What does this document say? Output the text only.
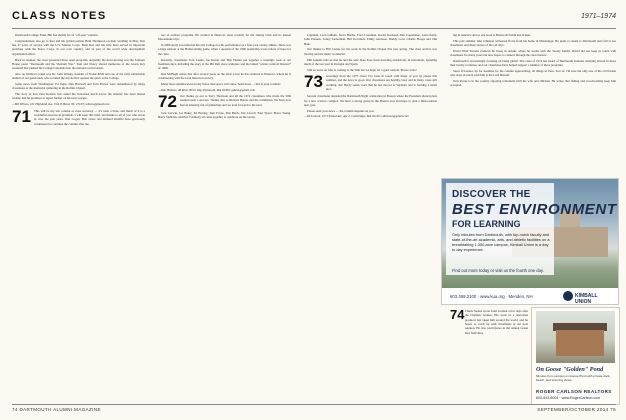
CLASS NOTES	1971–1974

Dartmouth College Fund. Bill has shaftly for an "off-year" reunion.

Congratulations also go to Ron and his golden partner Beth Thompson on their wedding in May. Ron has 37 years of service with the U.S. Marine Corps. Both Ron and his wife have served in important positions with the Peace Corps, in our own country, and as part of the world wide development organization effort.

Back in reunion, the class presented three open programs. Arguably the most moving was the Sanborn House panel "Dartmouth and the Vietnam War." Tom and Nancy shared memories of the Green Key weekend that pushed the College's students into the national conversation.

Also on Wallace's panel was Dr. John Olitsky, founder of TransCEND and one of the truly remarkable alumni of our generation, who recalled the day he first opened the gates at the College.

Some news from Washington: Ed Ingle, Dan Hartwell and Tom Brown were remembered by many classmates at the memorial gathering in the Rollins Chapel.

The story of how Don Keenan first sailed his twin-mast ketch across the Atlantic has been shared widely, and he promises to report further on his next voyage.

—Bill Wilson, 101 Highland Ave, Unit 8, Bend, NC 27103; wilson@gmail.com

71 This will be my last column as class secretary — it's been a blast, and much of it is a wonderful exercise in gratitude. I will keep this brief, but thanks to all of you who wrote in over the past years. Dan Cogan, Bob Lister and Richard Kimble have graciously volunteered to continue the column after me.

ters of outdoor programs. He worked in Hanover, most recently for the Outing Club and its annual Moosilauke trips.

In 2006 Andy was inducted into the College for his performance as a four-year varsity athlete. There was a huge turnout at the Homecoming game, when a quorum of the 1960 leadership wrote letters of hope for the class.

Recently, classmates Tom Leeds, Joe Kuralt and Bob Harlan put together a nostalgic look at our freshman days, including the story of the Phi Delt snow sculpture and the famed "winter carnival blizzard" of 1968.

Dan McHugh writes that after several years on the West Coast he has returned to Hanover, where he is volunteering with the local historical society.

Many more reminiscences in my inbox than space will allow. Send more — this is your column!

—Dan Holmes, 48 River Birch Way, Plymouth, MA 02360; gdanh@gmail.com

72 Our thanks go out to Terry Thomson and all the 1972 classmates who made the 50th reunion such a success. Thanks also to Richard Buono and the committee. We have now had an amazing run of gatherings and we look forward to the next.

Jack Corwin, Joe Baker, Ed Hartley, Tom Evans, Tim Black, Jim Carroll, Paul Tyson, Bruce Young, Harry Stebbins, and Bob Carmody all came together to celebrate on the Green.

Lippman, Leon Gilliam, Steve Hardie, Fred Crossman, Rocky Kuckard, Dan Copemaker, Gene Kelly, John Pleasen, Lenny Lieberman, Bill Kovaleck, Emily Axelrose, Buddy Lord, Charlie Hoops and Tim Hale.

Our thanks to Bill Carnes for his work in the Rollins Chapel this past spring. The class service was moving and the music wonderful.

Phil Jenkins tells us that he and his wife Kate have been traveling extensively in retirement, spending much of the last year in Portugal and Spain.

Still no news on who is coming to the 50th but we hope for a great turnout. Please write!

73 Greetings from the 1973 class! I've been in touch with many of you by phone this summer, and the news is good. Our classmates are healthy, busy and in many cases still working. Jim Hardy sends word that he has moved to Vermont and is farming a small plot.

Several classmates attended the Dartmouth Night celebration in Boston where the President shared plans for a new science complex. We have a strong group in the Boston area and hope to plan a mini-reunion next year.

Please send your news — the column depends on you.

—Ed Lemont, 107 Upland Ave, Apt 2, Cambridge, MA 02140; edlemont@gmail.com

ing in America and as one book at Barnes & Noble and iTunes.

This past summer Jake Johnston witnessed flows from his home in Mississippi. He plans to return to Dartmouth next fall to see classmates and share stories of the old days.

David Wald Stevens (believe he lives) in Austin, where he works with the Tooley family. David did not keep in touch with classmates for many years but now hopes to connect through the class listserv.

Dartmouth is increasingly focusing on being global. The class of 1974 has heard of Dartmouth students studying abroad in more than twenty countries, and our classmates have helped support a number of these programs.

Steve O'Connor, tip for deadline for the column approaching, all things in Peru. Sort of, I'm sure the only one of his old friends who stays in touch with him is the Lord himself.

Tom Porter is in the country enjoying retirement with his wife and children. He writes that fishing and woodworking keep him occupied.

DISCOVER THE
BEST ENVIRONMENT
FOR LEARNING
Only minutes from Dartmouth, with top-notch faculty and state-of-the-art academic, arts, and athletic facilities on a breathtaking 1,300-acre campus, Kimball Union is a day to day experience.
Find out more today or visit us the fourth one day.
603.469.2100 · www.kua.org · Meriden, NH	KIMBALL UNION
74 Chuck Stokes wrote from London a few days after the Olympic Games. His work as a television producer has taken him around the world, and he hopes to catch up with classmates at our next reunion. He also participates in the annual Green Key festivities.

On Goose "Golden" Pond
Minutes from campus on Goose Pond with private dock, beach, and stunning views.
ROGER CARLSON REALTORS
603-643-6004 · www.RogerCarlson.com
74 DARTMOUTH ALUMNI MAGAZINE	SEPTEMBER/OCTOBER 2014 75
